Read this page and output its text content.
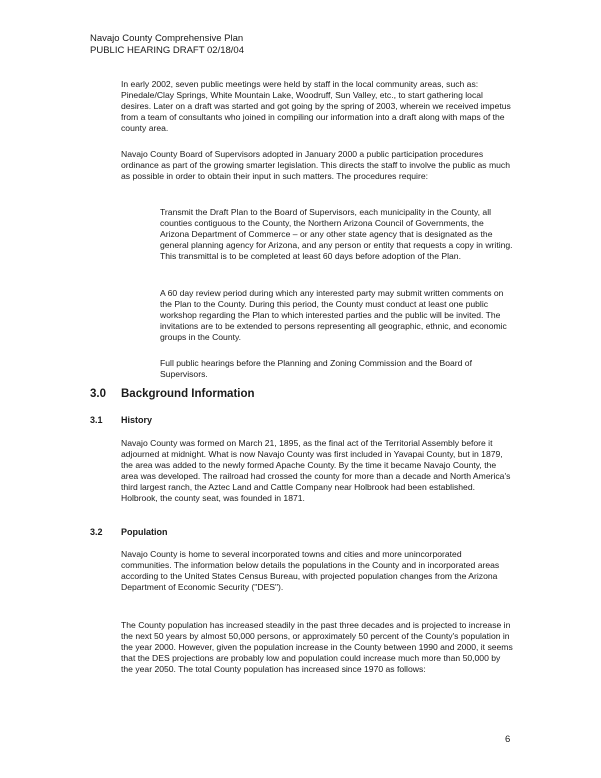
Navajo County Comprehensive Plan
PUBLIC HEARING DRAFT 02/18/04

In early 2002, seven public meetings were held by staff in the local community areas, such as: Pinedale/Clay Springs, White Mountain Lake, Woodruff, Sun Valley, etc., to start gathering local desires. Later on a draft was started and got going by the spring of 2003, wherein we received impetus from a team of consultants who joined in compiling our information into a draft along with maps of the county area.

Navajo County Board of Supervisors adopted in January 2000 a public participation procedures ordinance as part of the growing smarter legislation. This directs the staff to involve the public as much as possible in order to obtain their input in such matters. The procedures require:

Transmit the Draft Plan to the Board of Supervisors, each municipality in the County, all counties contiguous to the County, the Northern Arizona Council of Governments, the Arizona Department of Commerce – or any other state agency that is designated as the general planning agency for Arizona, and any person or entity that requests a copy in writing. This transmittal is to be completed at least 60 days before adoption of the Plan.

A 60 day review period during which any interested party may submit written comments on the Plan to the County. During this period, the County must conduct at least one public workshop regarding the Plan to which interested parties and the public will be invited. The invitations are to be extended to persons representing all geographic, ethnic, and economic groups in the County.

Full public hearings before the Planning and Zoning Commission and the Board of Supervisors.

3.0 Background Information
3.1 History

Navajo County was formed on March 21, 1895, as the final act of the Territorial Assembly before it adjourned at midnight. What is now Navajo County was first included in Yavapai County, but in 1879, the area was added to the newly formed Apache County. By the time it became Navajo County, the area was developed. The railroad had crossed the county for more than a decade and North America's third largest ranch, the Aztec Land and Cattle Company near Holbrook had been established. Holbrook, the county seat, was founded in 1871.

3.2 Population

Navajo County is home to several incorporated towns and cities and more unincorporated communities. The information below details the populations in the County and in incorporated areas according to the United States Census Bureau, with projected population changes from the Arizona Department of Economic Security ("DES").

The County population has increased steadily in the past three decades and is projected to increase in the next 50 years by almost 50,000 persons, or approximately 50 percent of the County's population in the year 2000. However, given the population increase in the County between 1990 and 2000, it seems that the DES projections are probably low and population could increase much more than 50,000 by the year 2050. The total County population has increased since 1970 as follows:

6
